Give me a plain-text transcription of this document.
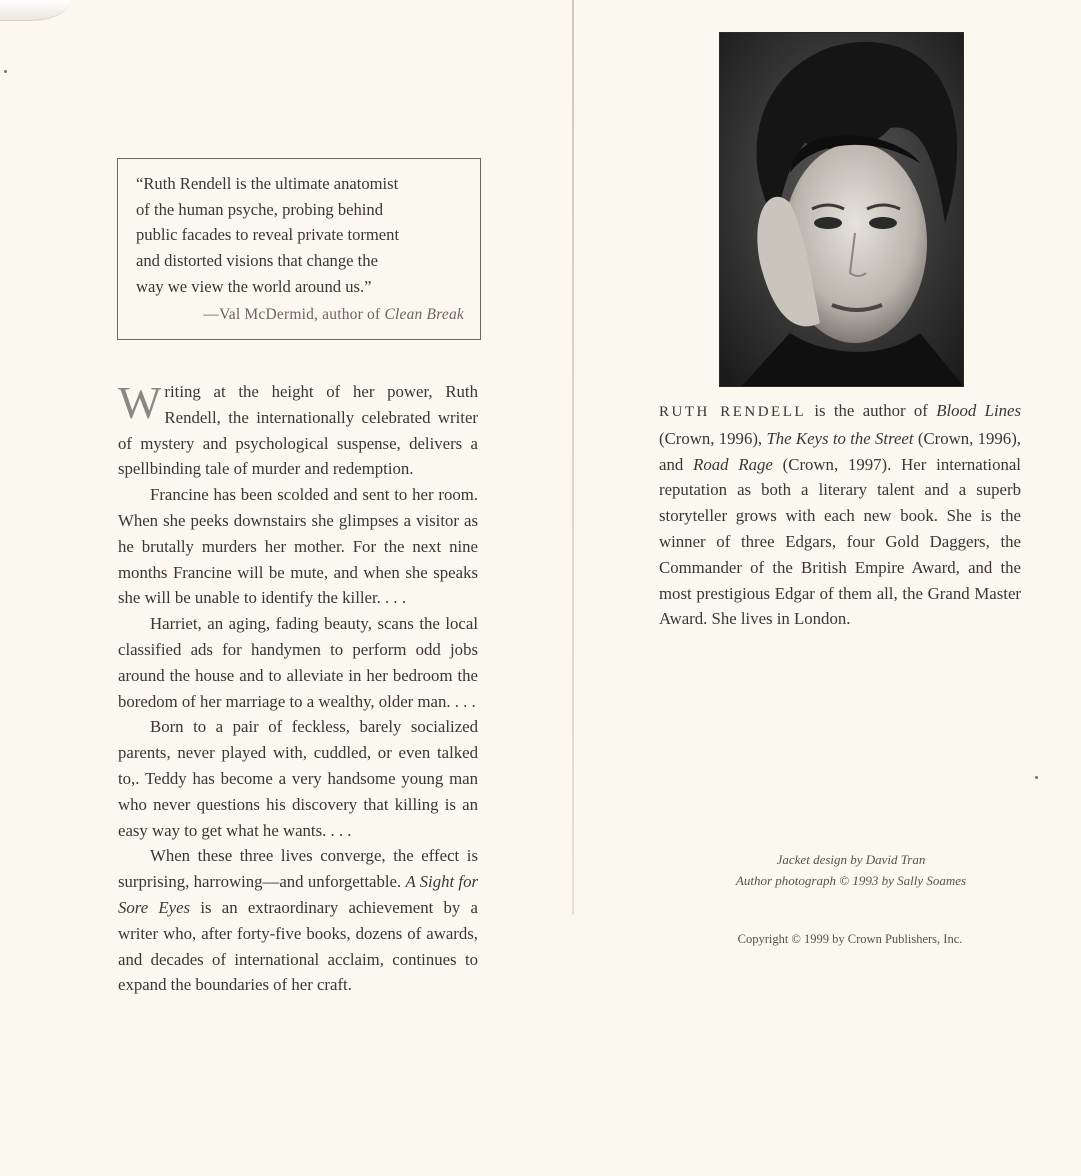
“Ruth Rendell is the ultimate anatomist
of the human psyche, probing behind
public facades to reveal private torment
and distorted visions that change the
way we view the world around us.”
—Val McDermid, author of Clean Break

Writing at the height of her power, Ruth Rendell, the internationally celebrated writer of mystery and psychological suspense, delivers a spellbinding tale of murder and redemption.

Francine has been scolded and sent to her room. When she peeks downstairs she glimpses a visitor as he brutally murders her mother. For the next nine months Francine will be mute, and when she speaks she will be unable to identify the killer. . . .

Harriet, an aging, fading beauty, scans the local classified ads for handymen to perform odd jobs around the house and to alleviate in her bedroom the boredom of her marriage to a wealthy, older man. . . .

Born to a pair of feckless, barely socialized parents, never played with, cuddled, or even talked to,. Teddy has become a very handsome young man who never questions his discovery that killing is an easy way to get what he wants. . . .

When these three lives converge, the effect is surprising, harrowing—and unforgettable. A Sight for Sore Eyes is an extraordinary achievement by a writer who, after forty-five books, dozens of awards, and decades of international acclaim, continues to expand the boundaries of her craft.

RUTH RENDELL is the author of Blood Lines (Crown, 1996), The Keys to the Street (Crown, 1996), and Road Rage (Crown, 1997). Her international reputation as both a literary talent and a superb storyteller grows with each new book. She is the winner of three Edgars, four Gold Daggers, the Commander of the British Empire Award, and the most prestigious Edgar of them all, the Grand Master Award. She lives in London.
Jacket design by David Tran
Author photograph © 1993 by Sally Soames
Copyright © 1999 by Crown Publishers, Inc.
